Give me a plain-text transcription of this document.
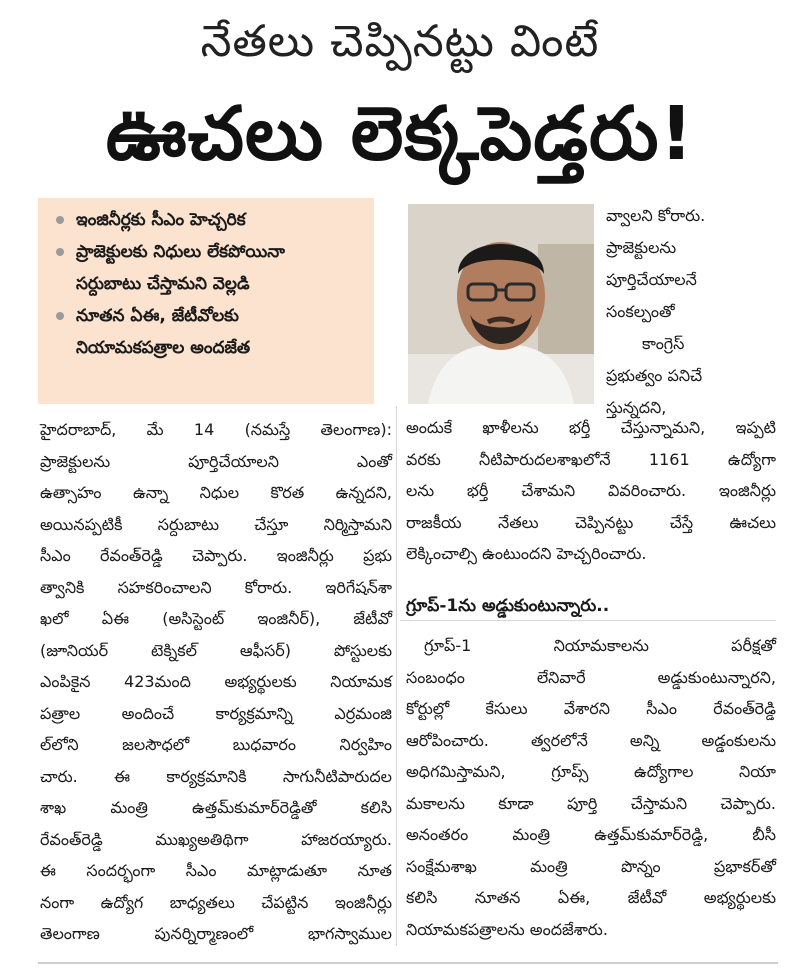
నేతలు చెప్పినట్టు వింటే
ఊచలు లెక్కపెడ్తరు!
ఇంజినీర్లకు సీఎం హెచ్చరిక
ప్రాజెక్టులకు నిధులు లేకపోయినా
సర్దుబాటు చేస్తామని వెల్లడి
నూతన ఏఈ, జేటీవోలకు
నియామకపత్రాల అందజేత
వ్వాలని కోరారు.
ప్రాజెక్టులను
పూర్తిచేయాలనే
సంకల్పంతో
కాంగ్రెస్
ప్రభుత్వం పనిచే
స్తున్నదని,
హైదరాబాద్, మే 14 (నమస్తే తెలంగాణ):
ప్రాజెక్టులను పూర్తిచేయాలని ఎంతో
ఉత్సాహం ఉన్నా నిధుల కొరత ఉన్నదని,
అయినప్పటికీ సర్దుబాటు చేస్తూ నిర్మిస్తామని
సీఎం రేవంత్‌రెడ్డి చెప్పారు. ఇంజినీర్లు ప్రభు
త్వానికి సహకరించాలని కోరారు. ఇరిగేషన్‌శా
ఖలో ఏఈ (అసిస్టెంట్ ఇంజినీర్), జేటీవో
(జూనియర్ టెక్నికల్ ఆఫీసర్) పోస్టులకు
ఎంపికైన 423మంది అభ్యర్థులకు నియామక
పత్రాల అందించే కార్యక్రమాన్ని ఎర్రమంజి
ల్‌లోని జలసౌధలో బుధవారం నిర్వహిం
చారు. ఈ కార్యక్రమానికి సాగునీటిపారుదల
శాఖ మంత్రి ఉత్తమ్‌కుమార్‌రెడ్డితో కలిసి
రేవంత్‌రెడ్డి ముఖ్యఅతిథిగా హాజరయ్యారు.
ఈ సందర్భంగా సీఎం మాట్లాడుతూ నూత
నంగా ఉద్యోగ బాధ్యతలు చేపట్టిన ఇంజినీర్లు
తెలంగాణ పునర్నిర్మాణంలో భాగస్వాముల
అందుకే ఖాళీలను భర్తీ చేస్తున్నామని, ఇప్పటి
వరకు నీటిపారుదలశాఖలోనే 1161 ఉద్యోగా
లను భర్తీ చేశామని వివరించారు. ఇంజినీర్లు
రాజకీయ నేతలు చెప్పినట్టు చేస్తే ఊచలు
లెక్కించాల్సి ఉంటుందని హెచ్చరించారు.
గ్రూప్-1ను అడ్డుకుంటున్నారు..
గ్రూప్-1 నియామకాలను పరీక్షతో
సంబంధం లేనివారే అడ్డుకుంటున్నారని,
కోర్టుల్లో కేసులు వేశారని సీఎం రేవంత్‌రెడ్డి
ఆరోపించారు. త్వరలోనే అన్ని అడ్డంకులను
అధిగమిస్తామని, గ్రూప్స్ ఉద్యోగాల నియా
మకాలను కూడా పూర్తి చేస్తామని చెప్పారు.
అనంతరం మంత్రి ఉత్తమ్‌కుమార్‌రెడ్డి, బీసీ
సంక్షేమశాఖ మంత్రి పొన్నం ప్రభాకర్‌తో
కలిసి నూతన ఏఈ, జేటీవో అభ్యర్థులకు
నియామకపత్రాలను అందజేశారు.
